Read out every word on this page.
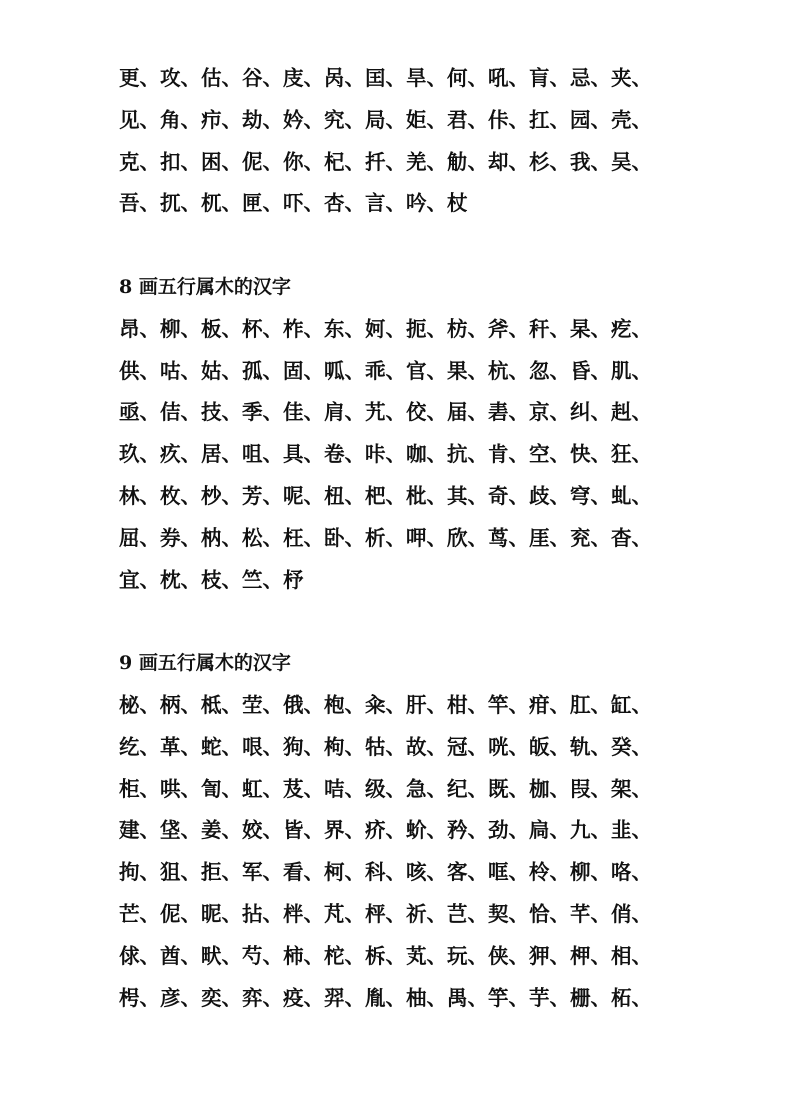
更、攻、估、谷、庋、呙、囯、旱、何、吼、肓、忌、夹、
见、角、疖、劫、妗、究、局、姖、君、佧、扛、园、壳、
克、扣、困、伲、你、杞、扦、羌、觔、却、杉、我、吴、
吾、扤、杌、匣、吓、杏、言、吟、杖
8 画五行属木的汉字
昂、柳、板、杯、柞、东、妸、扼、枋、斧、秆、杲、疙、
供、咕、姑、孤、固、呱、乖、官、果、杭、忽、昏、肌、
亟、佶、技、季、佳、肩、艽、佼、届、砉、京、纠、赳、
玖、疚、居、咀、具、卷、咔、咖、抗、肯、空、快、狂、
林、枚、杪、芳、呢、杻、杷、枇、其、奇、歧、穹、虬、
屈、券、枘、松、枉、卧、析、呷、欣、茑、厓、兖、杳、
宜、枕、枝、竺、杼
9 画五行属木的汉字
柲、柄、柢、茔、俄、枹、籴、肝、柑、竿、疳、肛、缸、
纥、革、蛇、哏、狗、枸、牯、故、冠、咣、皈、轨、癸、
柜、哄、訇、虹、芨、咭、级、急、纪、既、枷、叚、架、
建、垡、姜、姣、皆、界、疥、蚧、矜、劲、扃、九、韭、
拘、狙、拒、军、看、柯、科、咳、客、哐、柃、柳、咯、
芒、伲、昵、拈、柈、芃、枰、祈、芑、契、恰、芊、俏、
俅、酋、畎、芍、柿、柁、柝、芄、玩、侠、狎、柙、相、
枵、彦、奕、弈、疫、羿、胤、柚、禺、竽、芋、栅、柘、
